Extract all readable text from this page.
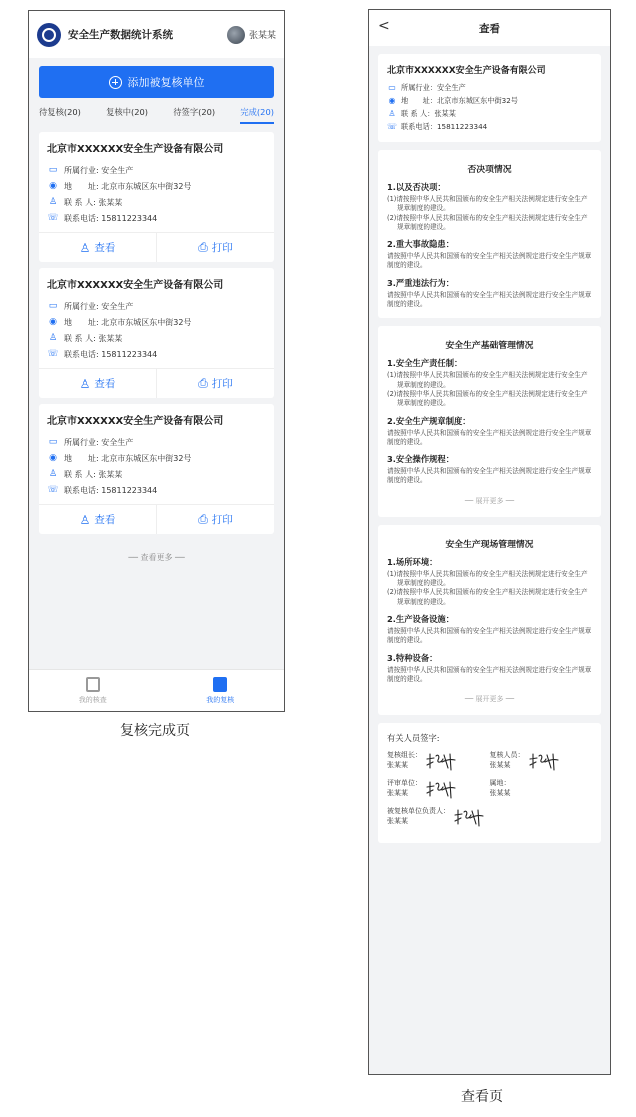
安全生产数据统计系统	张某某
添加被复核单位
待复核(20)	复核中(20)	待签字(20)	完成(20)
北京市XXXXXX安全生产设备有限公司
▭ 所属行业:
安全生产
◉ 地　　址:
北京市东城区东中街32号
♙ 联 系 人:
张某某
☏ 联系电话:
15811223344
♙ 查看	⎙ 打印
北京市XXXXXX安全生产设备有限公司
▭ 所属行业:
安全生产
◉ 地　　址:
北京市东城区东中街32号
♙ 联 系 人:
张某某
☏ 联系电话:
15811223344
♙ 查看	⎙ 打印
北京市XXXXXX安全生产设备有限公司
▭ 所属行业:
安全生产
◉ 地　　址:
北京市东城区东中街32号
♙ 联 系 人:
张某某
☏ 联系电话:
15811223344
♙ 查看	⎙ 打印
── 查看更多 ──
我的核查	我的复核
复核完成页
<	查看
北京市XXXXXX安全生产设备有限公司
▭ 所属行业：安全生产
◉ 地　　址：北京市东城区东中街32号
♙ 联 系 人：张某某
☏ 联系电话：15811223344
否决项情况
1.以及否决项：
(1)请按照中华人民共和国颁布的安全生产相关法例规定进行安全生产规章制度的建设。
(2)请按照中华人民共和国颁布的安全生产相关法例规定进行安全生产规章制度的建设。
2.重大事故隐患：
请按照中华人民共和国颁布的安全生产相关法例规定进行安全生产规章制度的建设。
3.严重违法行为：
请按照中华人民共和国颁布的安全生产相关法例规定进行安全生产规章制度的建设。
安全生产基础管理情况
1.安全生产责任制：
(1)请按照中华人民共和国颁布的安全生产相关法例规定进行安全生产规章制度的建设。
(2)请按照中华人民共和国颁布的安全生产相关法例规定进行安全生产规章制度的建设。
2.安全生产规章制度：
请按照中华人民共和国颁布的安全生产相关法例规定进行安全生产规章制度的建设。
3.安全操作规程：
请按照中华人民共和国颁布的安全生产相关法例规定进行安全生产规章制度的建设。
── 展开更多 ──
安全生产现场管理情况
1.场所环境：
(1)请按照中华人民共和国颁布的安全生产相关法例规定进行安全生产规章制度的建设。
(2)请按照中华人民共和国颁布的安全生产相关法例规定进行安全生产规章制度的建设。
2.生产设备设施：
请按照中华人民共和国颁布的安全生产相关法例规定进行安全生产规章制度的建设。
3.特种设备：
请按照中华人民共和国颁布的安全生产相关法例规定进行安全生产规章制度的建设。
── 展开更多 ──
有关人员签字:
复核组长：
张某某
复核人员：
张某某
评审单位：
张某某
属地：
张某某
被复核单位负责人：
张某某
查看页
